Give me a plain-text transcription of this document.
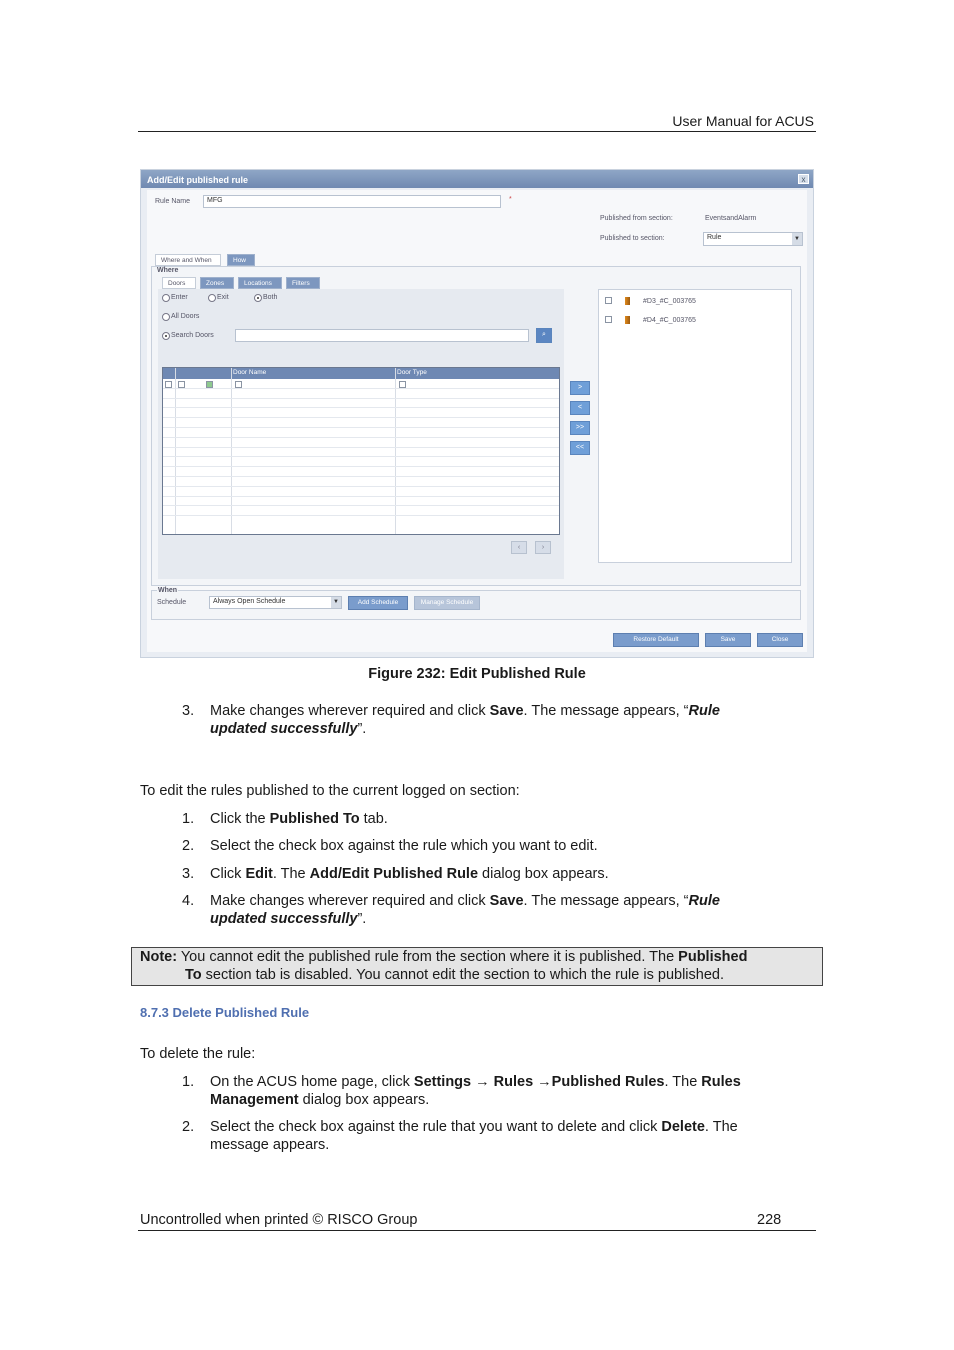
User Manual for ACUS
Add/Edit published rule	x
Rule Name	MFG	*
Published from section:	EventsandAlarm
Published to section:	Rule	▼
Where and When	How
Where
Doors	Zones	Locations	Filters
Enter	Exit	Both
All Doors
Search Doors	⌕
Door Name	Door Type
‹	›
>
<
>>
<<
#D3_#C_003765
#D4_#C_003765
When
Schedule	Always Open Schedule	▼	Add Schedule	Manage Schedule
Restore Default	Save	Close
Figure 232: Edit Published Rule
3. Make changes wherever required and click Save. The message appears, “Rule
updated successfully”.
To edit the rules published to the current logged on section:
1. Click the Published To tab.
2. Select the check box against the rule which you want to edit.
3. Click Edit. The Add/Edit Published Rule dialog box appears.
4. Make changes wherever required and click Save. The message appears, “Rule
updated successfully”.
Note: You cannot edit the published rule from the section where it is published. The Published
To section tab is disabled. You cannot edit the section to which the rule is published.
8.7.3 Delete Published Rule
To delete the rule:
1. On the ACUS home page, click Settings → Rules →Published Rules. The Rules
Management dialog box appears.
2. Select the check box against the rule that you want to delete and click Delete. The
message appears.
Uncontrolled when printed © RISCO Group	228
